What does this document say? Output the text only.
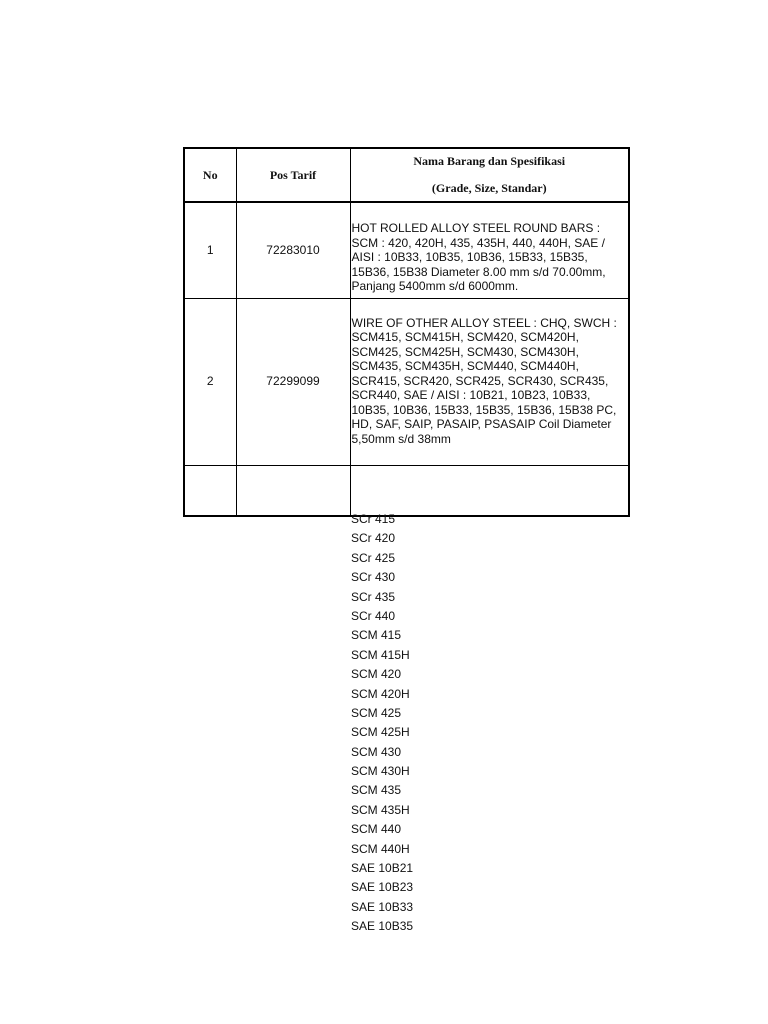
No	Pos Tarif	Nama Barang dan Spesifikasi
(Grade, Size, Standar)

1	72283010	HOT ROLLED ALLOY STEEL ROUND BARS : SCM : 420, 420H, 435, 435H, 440, 440H, SAE / AISI : 10B33, 10B35, 10B36, 15B33, 15B35, 15B36, 15B38 Diameter 8.00 mm s/d 70.00mm, Panjang 5400mm s/d 6000mm.
2	72299099	WIRE OF OTHER ALLOY STEEL : CHQ, SWCH : SCM415, SCM415H, SCM420, SCM420H, SCM425, SCM425H, SCM430, SCM430H, SCM435, SCM435H, SCM440, SCM440H, SCR415, SCR420, SCR425, SCR430, SCR435, SCR440, SAE / AISI : 10B21, 10B23, 10B33, 10B35, 10B36, 15B33, 15B35, 15B36, 15B38 PC, HD, SAF, SAIP, PASAIP, PSASAIP Coil Diameter 5,50mm s/d 38mm

SCr 415
SCr 420
SCr 425
SCr 430
SCr 435
SCr 440
SCM 415
SCM 415H
SCM 420
SCM 420H
SCM 425
SCM 425H
SCM 430
SCM 430H
SCM 435
SCM 435H
SCM 440
SCM 440H
SAE 10B21
SAE 10B23
SAE 10B33
SAE 10B35
